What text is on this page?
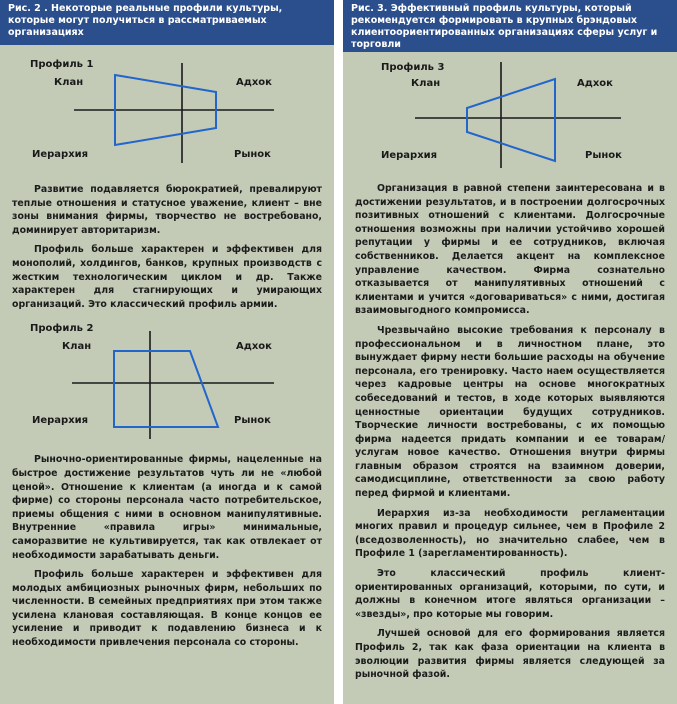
Рис. 2 . Некоторые реальные профили культуры, которые могут получиться в рассматриваемых организациях
Профиль 1
Клан	Адхок
Иерархия	Рынок

Развитие подавляется бюрократией, превалируют теплые отношения и статусное уважение, клиент – вне зоны внимания фирмы, творчество не востребовано, доминирует авторитаризм.

Профиль больше характерен и эффективен для монополий, холдингов, банков, крупных производств с жестким технологическим циклом и др. Также характерен для стагнирующих и умирающих организаций. Это классический профиль армии.

Профиль 2
Клан	Адхок
Иерархия	Рынок

Рыночно-ориентированные фирмы, нацеленные на быстрое достижение результатов чуть ли не «любой ценой». Отношение к клиентам (а иногда и к самой фирме) со стороны персонала часто потребительское, приемы общения с ними в основном манипулятивные. Внутренние «правила игры» минимальные, саморазвитие не культивируется, так как отвлекает от необходимости зарабатывать деньги.

Профиль больше характерен и эффективен для молодых амбициозных рыночных фирм, небольших по численности. В семейных предприятиях при этом также усилена клановая составляющая. В конце концов ее усиление и приводит к подавлению бизнеса и к необходимости привлечения персонала со стороны.

Рис. 3. Эффективный профиль культуры, который рекомендуется формировать в крупных брэндовых клиентоориентированных организациях сферы услуг и торговли
Профиль 3
Клан	Адхок
Иерархия	Рынок

Организация в равной степени заинтересована и в достижении результатов, и в построении долгосрочных позитивных отношений с клиентами. Долгосрочные отношения возможны при наличии устойчиво хорошей репутации у фирмы и ее сотрудников, включая собственников. Делается акцент на комплексное управление качеством. Фирма сознательно отказывается от манипулятивных отношений с клиентами и учится «договариваться» с ними, достигая взаимовыгодного компромисса.

Чрезвычайно высокие требования к персоналу в профессиональном и в личностном плане, это вынуждает фирму нести большие расходы на обучение персонала, его тренировку. Часто наем осуществляется через кадровые центры на основе многократных собеседований и тестов, в ходе которых выявляются ценностные ориентации будущих сотрудников. Творческие личности востребованы, с их помощью фирма надеется придать компании и ее товарам/услугам новое качество. Отношения внутри фирмы главным образом строятся на взаимном доверии, самодисциплине, ответственности за свою работу перед фирмой и клиентами.

Иерархия из-за необходимости регламентации многих правил и процедур сильнее, чем в Профиле 2 (вседозволенность), но значительно слабее, чем в Профиле 1 (зарегламентированность).

Это классический профиль клиент-ориентированных организаций, которыми, по сути, и должны в конечном итоге являться организации – «звезды», про которые мы говорим.

Лучшей основой для его формирования является Профиль 2, так как фаза ориентации на клиента в эволюции развития фирмы является следующей за рыночной фазой.
